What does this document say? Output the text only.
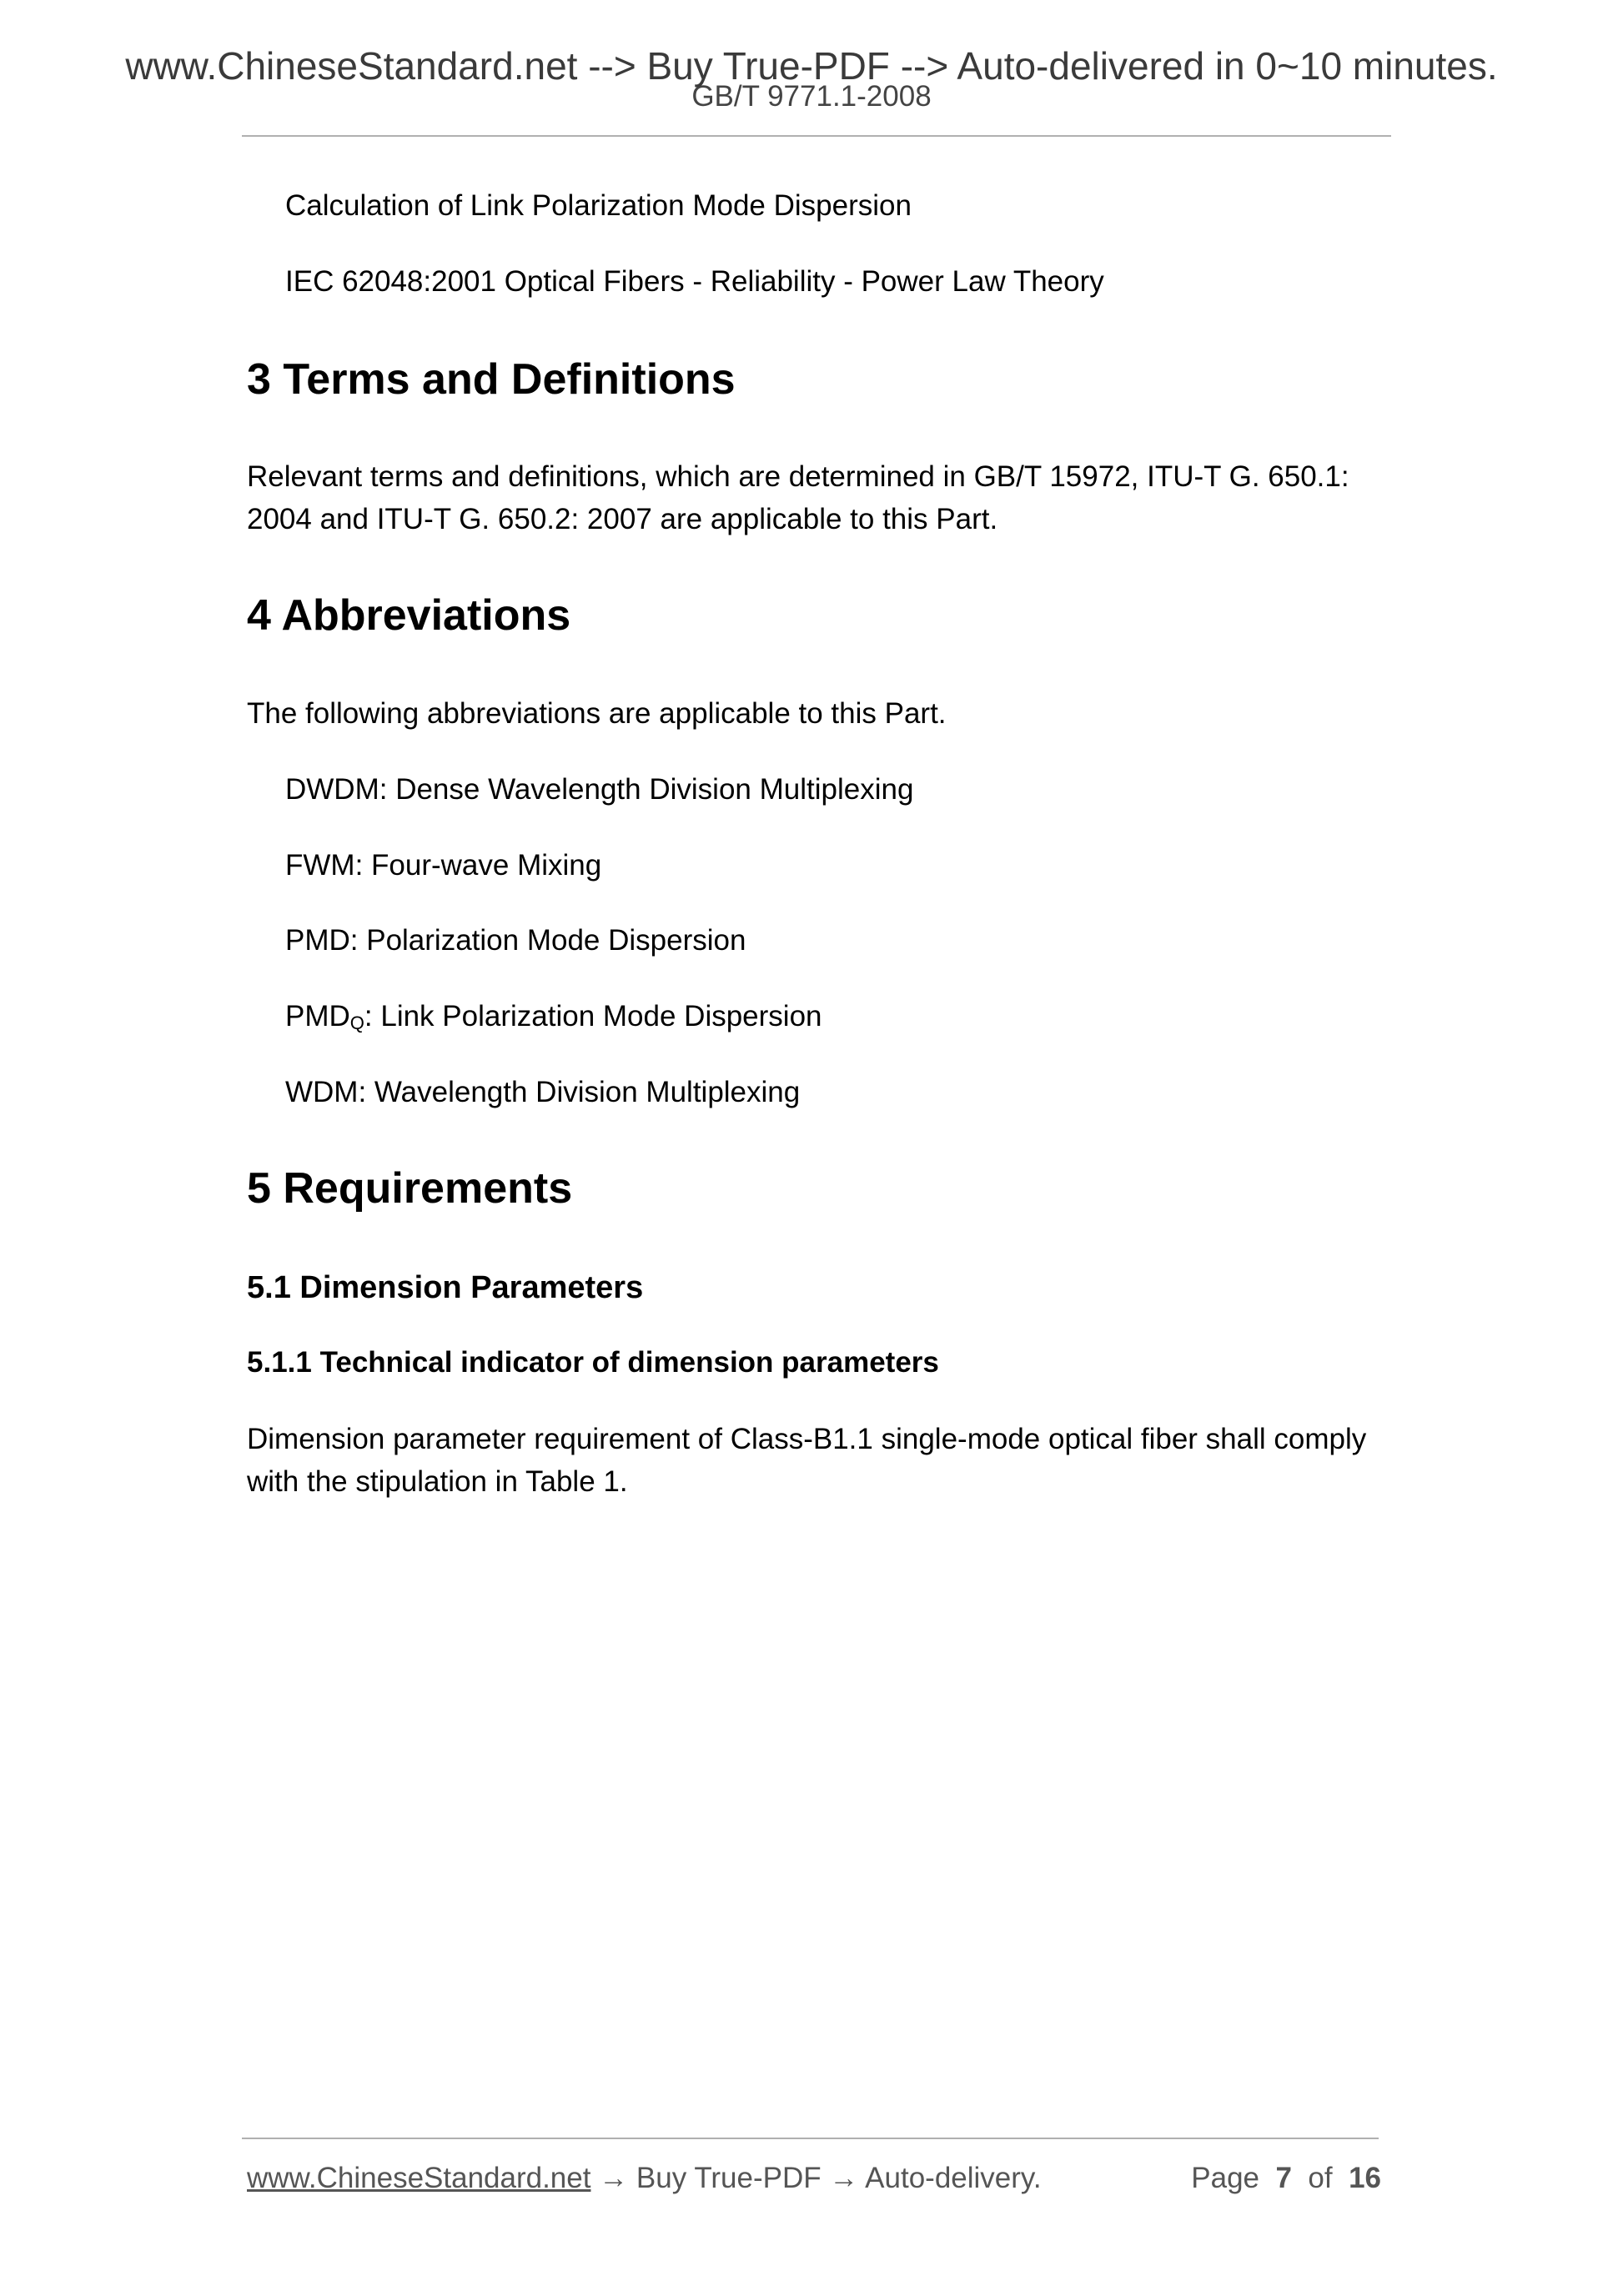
www.ChineseStandard.net --> Buy True-PDF --> Auto-delivered in 0~10 minutes.
GB/T 9771.1-2008
Calculation of Link Polarization Mode Dispersion
IEC 62048:2001 Optical Fibers - Reliability - Power Law Theory
3 Terms and Definitions
Relevant terms and definitions, which are determined in GB/T 15972, ITU-T G. 650.1:
2004 and ITU-T G. 650.2: 2007 are applicable to this Part.
4 Abbreviations
The following abbreviations are applicable to this Part.
DWDM: Dense Wavelength Division Multiplexing
FWM: Four-wave Mixing
PMD: Polarization Mode Dispersion
PMDQ: Link Polarization Mode Dispersion
WDM: Wavelength Division Multiplexing
5 Requirements
5.1 Dimension Parameters
5.1.1 Technical indicator of dimension parameters
Dimension parameter requirement of Class-B1.1 single-mode optical fiber shall comply
with the stipulation in Table 1.
www.ChineseStandard.net → Buy True-PDF → Auto-delivery.	Page 7 of 16
